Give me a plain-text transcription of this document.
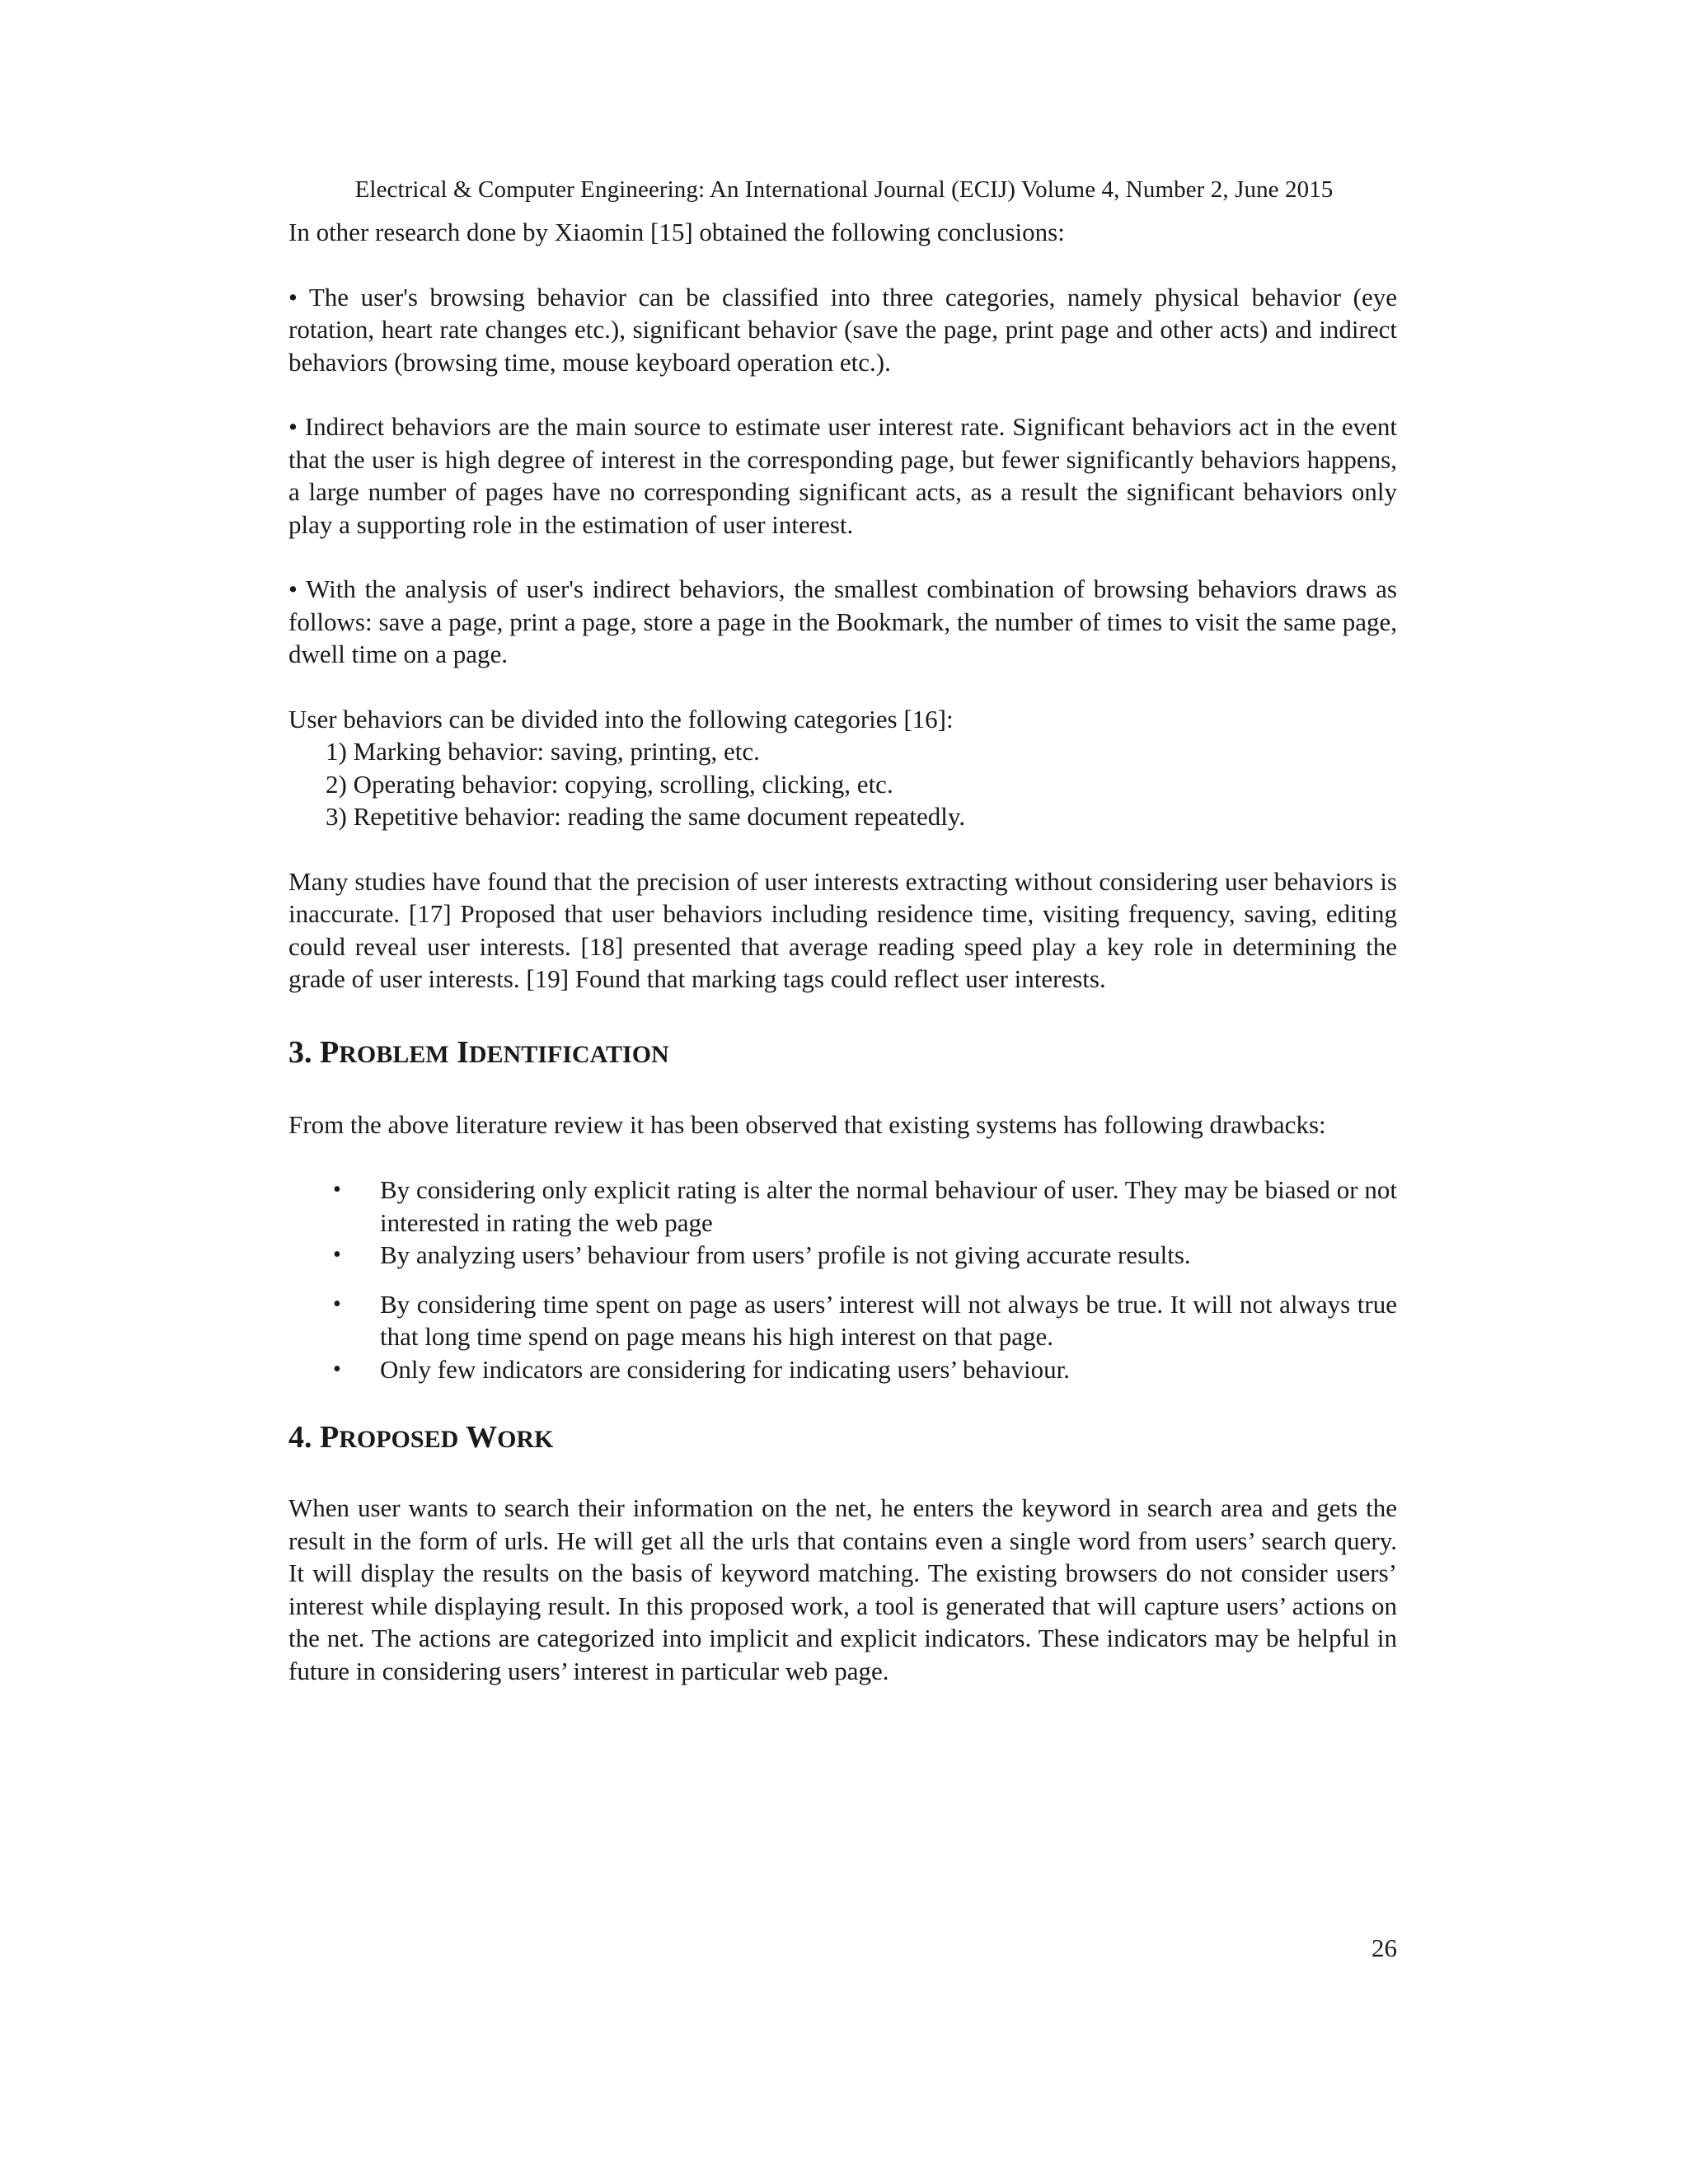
Electrical & Computer Engineering: An International Journal (ECIJ) Volume 4, Number 2, June 2015

In other research done by Xiaomin [15] obtained the following conclusions:

• The user's browsing behavior can be classified into three categories, namely physical behavior (eye rotation, heart rate changes etc.), significant behavior (save the page, print page and other acts) and indirect behaviors (browsing time, mouse keyboard operation etc.).

• Indirect behaviors are the main source to estimate user interest rate. Significant behaviors act in the event that the user is high degree of interest in the corresponding page, but fewer significantly behaviors happens, a large number of pages have no corresponding significant acts, as a result the significant behaviors only play a supporting role in the estimation of user interest.

• With the analysis of user's indirect behaviors, the smallest combination of browsing behaviors draws as follows: save a page, print a page, store a page in the Bookmark, the number of times to visit the same page, dwell time on a page.

User behaviors can be divided into the following categories [16]:

1) Marking behavior: saving, printing, etc.

2) Operating behavior: copying, scrolling, clicking, etc.

3) Repetitive behavior: reading the same document repeatedly.

Many studies have found that the precision of user interests extracting without considering user behaviors is inaccurate. [17] Proposed that user behaviors including residence time, visiting frequency, saving, editing could reveal user interests. [18] presented that average reading speed play a key role in determining the grade of user interests. [19] Found that marking tags could reflect user interests.

3. PROBLEM IDENTIFICATION

From the above literature review it has been observed that existing systems has following drawbacks:

• By considering only explicit rating is alter the normal behaviour of user. They may be biased or not interested in rating the web page
• By analyzing users’ behaviour from users’ profile is not giving accurate results.
• By considering time spent on page as users’ interest will not always be true. It will not always true that long time spend on page means his high interest on that page.
• Only few indicators are considering for indicating users’ behaviour.
4. PROPOSED WORK

When user wants to search their information on the net, he enters the keyword in search area and gets the result in the form of urls. He will get all the urls that contains even a single word from users’ search query. It will display the results on the basis of keyword matching. The existing browsers do not consider users’ interest while displaying result. In this proposed work, a tool is generated that will capture users’ actions on the net. The actions are categorized into implicit and explicit indicators. These indicators may be helpful in future in considering users’ interest in particular web page.

26
